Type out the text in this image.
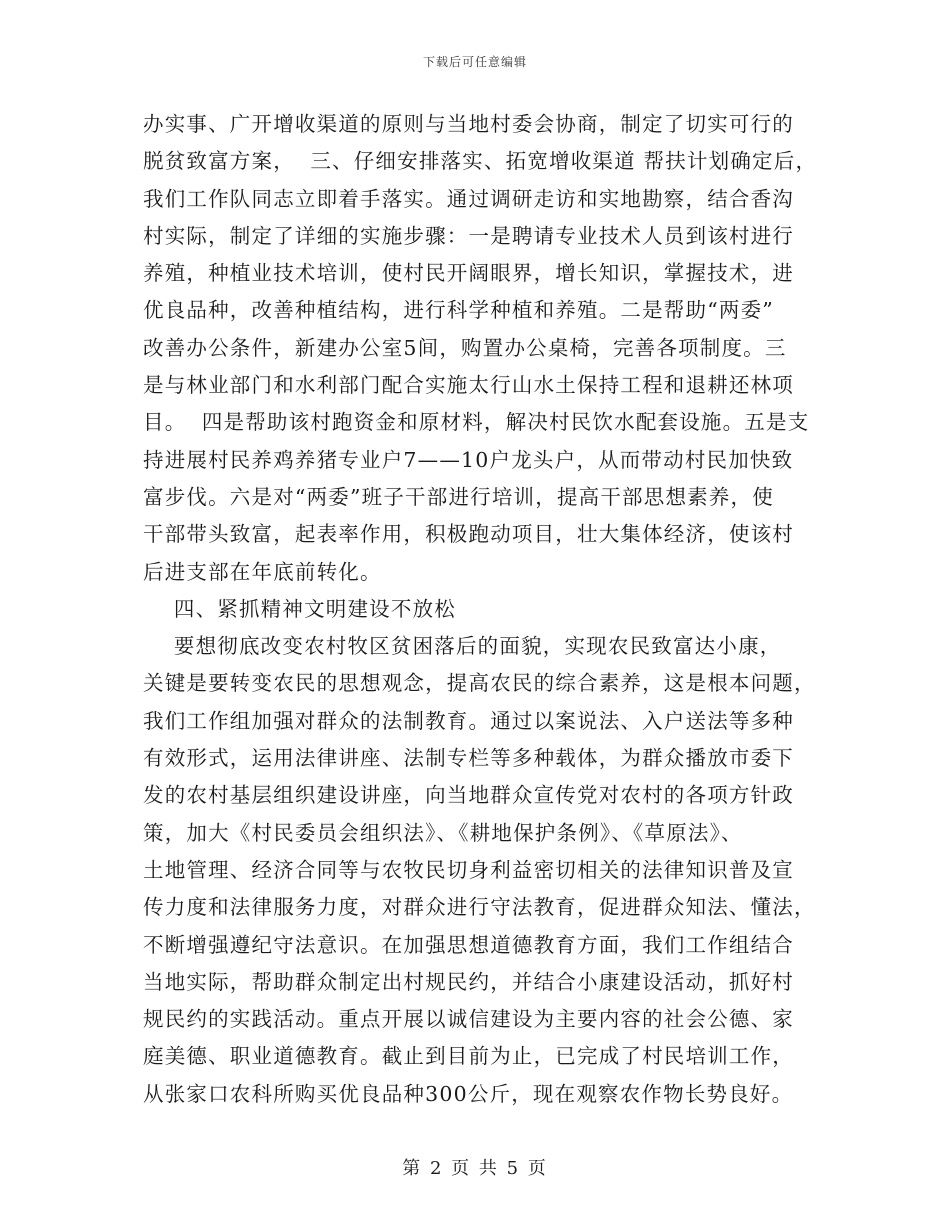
下载后可任意编辑
办实事、广开增收渠道的原则与当地村委会协商，制定了切实可行的
脱贫致富方案，  三、仔细安排落实、拓宽增收渠道 帮扶计划确定后，
我们工作队同志立即着手落实。通过调研走访和实地勘察，结合香沟
村实际，制定了详细的实施步骤：一是聘请专业技术人员到该村进行
养殖，种植业技术培训，使村民开阔眼界，增长知识，掌握技术，进
优良品种，改善种植结构，进行科学种植和养殖。二是帮助“两委”
改善办公条件，新建办公室5间，购置办公桌椅，完善各项制度。三
是与林业部门和水利部门配合实施太行山水土保持工程和退耕还林项
目。  四是帮助该村跑资金和原材料，解决村民饮水配套设施。五是支
持进展村民养鸡养猪专业户7——10户龙头户，从而带动村民加快致
富步伐。六是对“两委”班子干部进行培训，提高干部思想素养，使
干部带头致富，起表率作用，积极跑动项目，壮大集体经济，使该村
后进支部在年底前转化。
四、紧抓精神文明建设不放松
要想彻底改变农村牧区贫困落后的面貌，实现农民致富达小康，
关键是要转变农民的思想观念，提高农民的综合素养，这是根本问题，
我们工作组加强对群众的法制教育。通过以案说法、入户送法等多种
有效形式，运用法律讲座、法制专栏等多种载体，为群众播放市委下
发的农村基层组织建设讲座，向当地群众宣传党对农村的各项方针政
策，加大《村民委员会组织法》、《耕地保护条例》、《草原法》、
土地管理、经济合同等与农牧民切身利益密切相关的法律知识普及宣
传力度和法律服务力度，对群众进行守法教育，促进群众知法、懂法，
不断增强遵纪守法意识。在加强思想道德教育方面，我们工作组结合
当地实际，帮助群众制定出村规民约，并结合小康建设活动，抓好村
规民约的实践活动。重点开展以诚信建设为主要内容的社会公德、家
庭美德、职业道德教育。截止到目前为止，已完成了村民培训工作，
从张家口农科所购买优良品种300公斤，现在观察农作物长势良好。
第 2 页 共 5 页
